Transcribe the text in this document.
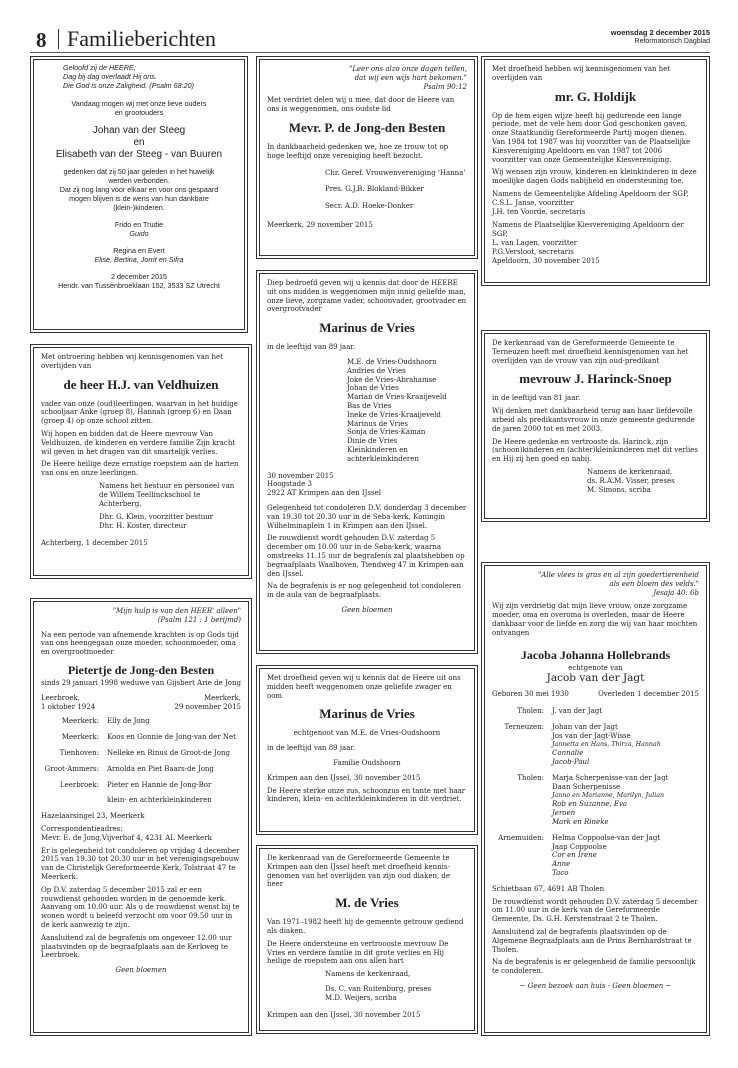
8 Familieberichten	woensdag 2 december 2015
Reformatorisch Dagblad
Geloofd zij de HEERE;
Dag bij dag overlaadt Hij ons.
Die God is onze Zaligheid. (Psalm 68:20)
Vandaag mogen wij met onze lieve ouders
en grootouders
Johan van der Steeg
en
Elisabeth van der Steeg - van Buuren
gedenken dat zij 50 jaar geleden in het huwelijk
werden verbonden.
Dat zij nog lang voor elkaar en voor ons gespaard
mogen blijven is de wens van hun dankbare
(klein-)kinderen.
Frido en Trudie
Guido
Regina en Evert
Elise, Bertina, Jorrit en Sifra
2 december 2015
Hendr. van Tussenbroeklaan 152, 3533 SZ Utrecht

Met ontroering hebben wij kennisgenomen van het overlijden van

de heer H.J. van Veldhuizen

vader van onze (oud)leerlingen, waarvan in het huidige schooljaar Anke (groep 8), Hannah (groep 6) en Daan (groep 4) op onze school zitten.

Wij hopen en bidden dat de Heere mevrouw Van Veldhuizen, de kinderen en verdere familie Zijn kracht wil geven in het dragen van dit smartelijk verlies.

De Heere heilige deze ernstige roepstem aan de harten van ons en onze leerlingen.

Namens het bestuur en personeel van
de Willem Teellinckschool te Achterberg,
Dhr. G. Klein, voorzitter bestuur
Dhr. H. Koster, directeur
Achterberg, 1 december 2015
"Mijn hulp is van den HEER' alleen"
(Psalm 121 : 1 berijmd)

Na een periode van afnemende krachten is op Gods tijd van ons heengegaan onze moeder, schoonmoeder, oma en overgrootmoeder

Pietertje de Jong-den Besten
sinds 29 januari 1998 weduwe van Gijsbert Arie de Jong
Leerbroek,
1 oktober 1924
Meerkerk,
29 november 2015
Meerkerk:	Elly de Jong
Meerkerk:	Koos en Gonnie de Jong-van der Net
Tienhoven:	Nelleke en Rinus de Groot-de Jong
Groot-Ammers:	Arnolda en Piet Baars-de Jong
Leerbroek:	Pieter en Hannie de Jong-Bor
klein- en achterkleinkinderen

Hazelaarsingel 23, Meerkerk

Correspondentieadres:

Mevr. E. de Jong,Vijverhof 4, 4231 AL Meerkerk

Er is gelegenheid tot condoleren op vrijdag 4 december 2015 van 19.30 tot 20.30 uur in het verenigingsgebouw van de Christelijk Gereformeerde Kerk, Tolstraat 47 te Meerkerk.

Op D.V. zaterdag 5 december 2015 zal er een rouwdienst gehouden worden in de genoemde kerk. Aanvang om 10.00 uur. Als u de rouwdienst wenst bij te wonen wordt u beleefd verzocht om voor 09.50 uur in de kerk aanwezig te zijn.

Aansluitend zal de begrafenis om ongeveer 12.00 uur plaatsvinden op de begraafplaats aan de Kerkweg te Leerbroek.

Geen bloemen
"Leer ons alzo onze dagen tellen,
dat wij een wijs hart bekomen."
Psalm 90:12

Met verdriet delen wij u mee, dat door de Heere van ons is weggenomen, ons oudste lid

Mevr. P. de Jong-den Besten

In dankbaarheid gedenken we, hoe ze trouw tot op hoge leeftijd onze vereniging heeft bezocht.

Chr. Geref. Vrouwenvereniging 'Hanna'
Pres. G.J.B. Blokland-Bikker
Secr. A.D. Hoeke-Donker
Meerkerk, 29 november 2015

Diep bedroefd geven wij u kennis dat door de HEERE uit ons midden is weggenomen mijn innig geliefde man, onze lieve, zorgzame vader, schoonvader, grootvader en overgrootvader

Marinus de Vries

in de leeftijd van 89 jaar.

M.E. de Vries-Oudshoorn
Andries de Vries
Joke de Vries-Abrahamse
Johan de Vries
Marian de Vries-Kraaijeveld
Bas de Vries
Ineke de Vries-Kraaijeveld
Marinus de Vries
Sonja de Vries-Kaman
Dinie de Vries
Kleinkinderen en
achterkleinkinderen
30 november 2015
Hoogstade 3
2922 AT Krimpen aan den IJssel

Gelegenheid tot condoleren D.V. donderdag 3 december van 19.30 tot 20.30 uur in de Seba-kerk, Koningin Wilhelminaplein 1 in Krimpen aan den IJssel.

De rouwdienst wordt gehouden D.V. zaterdag 5 december om 10.00 uur in de Seba-kerk, waarna omstreeks 11.15 uur de begrafenis zal plaatshebben op begraafplaats Waalhoven, Tiendweg 47 in Krimpen aan den IJssel.

Na de begrafenis is er nog gelegenheid tot condoleren in de aula van de begraafplaats.

Geen bloemen

Met droefheid geven wij u kennis dat de Heere uit ons midden heeft weggenomen onze geliefde zwager en oom

Marinus de Vries
echtgenoot van M.E. de Vries-Oudshoorn

in de leeftijd van 89 jaar.

Familie Oudshoorn

Krimpen aan den IJssel, 30 november 2015

De Heere sterke onze zus, schoonzus en tante met haar kinderen, klein- en achterkleinkinderen in dit verdriet.

De kerkenraad van de Gereformeerde Gemeente te Krimpen aan den IJssel heeft met droefheid kennis-genomen van het overlijden van zijn oud diaken, de heer

M. de Vries

Van 1971–1982 heeft hij de gemeente getrouw gediend als diaken.

De Heere ondersteune en vertroooste mevrouw De Vries en verdere familie in dit grote verlies en Hij heilige de roepstem aan ons allen hart

Namens de kerkenraad,
Ds. C. van Ruitenburg, preses
M.D. Weijers, scriba
Krimpen aan den IJssel, 30 november 2015

Met droefheid hebben wij kennisgenomen van het overlijden van

mr. G. Holdijk

Op de hem eigen wijze heeft hij gedurende een lange periode, met de vele hem door God geschonken gaven, onze Staatkundig Gereformeerde Partij mogen dienen. Van 1984 tot 1987 was hij voorzitter van de Plaatselijke Kiesvereniging Apeldoorn en van 1987 tot 2006 voorzitter van onze Gemeentelijke Kiesvereniging.

Wij wensen zijn vrouw, kinderen en kleinkinderen in deze moeilijke dagen Gods nabijheid en ondersteuning toe.

Namens de Gemeentelijke Afdeling Apeldoorn der SGP,
C.S.L. Janse, voorzitter
J.H. ten Voorde, secretaris
Namens de Plaatselijke Kiesvereniging Apeldoorn der SGP,
L. van Lagen, voorzitter
P.G.Versloot, secretaris
Apeldoorn, 30 november 2015

De kerkenraad van de Gereformeerde Gemeente te Terneuzen heeft met droefheid kennisgenomen van het overlijden van de vrouw van zijn oud-predikant

mevrouw J. Harinck-Snoep

in de leeftijd van 81 jaar.

Wij denken met dankbaarheid terug aan haar liefdevolle arbeid als predikantsvrouw in onze gemeente gedurende de jaren 2000 tot en met 2003.

De Heere gedenke en vertrooste ds. Harinck, zijn (schoon)kinderen en (achter)kleinkinderen met dit verlies en Hij zij hen goed en nabij.

Namens de kerkenraad,
ds. R.A.M. Visser, preses
M. Simons, scriba
"Alle vlees is gras en al zijn goedertierenheid
als een bloem des velds."
Jesaja 40: 6b

Wij zijn verdrietig dat mijn lieve vrouw, onze zorgzame moeder, oma en overoma is overleden, maar de Heere dankbaar voor de liefde en zorg die wij van haar mochten ontvangen

Jacoba Johanna Hollebrands
echtgenote van
Jacob van der Jagt
Geboren 30 mei 1930	Overleden 1 december 2015
Tholen:	J. van der Jagt
Terneuzen:	Johan van der Jagt
Jos van der Jagt-Wisse
Jannetta en Hans, Thirza, Hannah
Connalie
Jacob-Paul
Tholen:	Marja Scherpenisse-van der Jagt
Daan Scherpenisse
Janno en Marianne, Marilyn, Julian
Rob en Suzanne, Eva
Jeroen
Mark en Rineke
Arnemuiden:	Helma Coppoolse-van der Jagt
Jaap Coppoolse
Cor en Irene
Anne
Taco

Schietbaan 67, 4691 AB Tholen

De rouwdienst wordt gehouden D.V. zaterdag 5 december om 11.00 uur in de kerk van de Gereformeerde Gemeente, Ds. G.H. Kerstenstraat 2 te Tholen.

Aansluitend zal de begrafenis plaatsvinden op de Algemene Begraafplaats aan de Prins Bernhardstraat te Tholen.

Na de begrafenis is er gelegenheid de familie persoonlijk te condoleren.

~ Geen bezoek aan huis - Geen bloemen ~
